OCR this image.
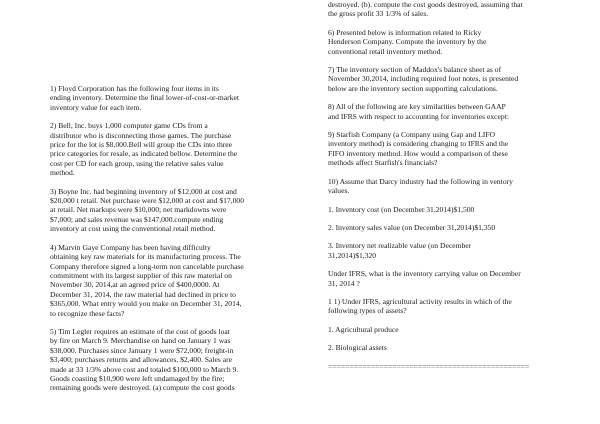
1) Floyd Corporation has the following four items in its
ending inventory. Determine the final lower-of-cost-or-market
inventory value for each item.

2) Bell, Inc. buys 1,000 computer game CDs from a
distributor who is disconnecting those games. The purchase
price for the lot is $8,000.Bell will group the CDs into three
price categories for resale, as indicated bellow. Determine the
cost per CD for each group, using the relative sales value
method.

3) Boyne Inc. had beginning inventory of $12,000 at cost and
$20,000 t retail. Net purchase were $12,000 at cost and $17,000
at retail. Net markups were $10,000; net markdowns were
$7,000; and sales revenue was $147,000.compute ending
inventory at cost using the conventional retail method.

4) Marvin Gaye Company has been having difficulty
obtaining key raw materials for its manufacturing process. The
Company therefore signed a long-term non cancelable purchase
commitment with its largest supplier of this raw material on
November 30, 2014,at an agreed price of $400,0000. At
December 31, 2014, the raw material had declined in price to
$365,000. What entry would you make on December 31, 2014,
to recognize these facts?

5) Tim Legler requires an estimate of the cost of goods loat
by fire on March 9. Merchandise on hand on January 1 was
$38,000. Purchases since January 1 were $72,000; freight-in
$3,400; purchases returns and allowances, $2,400. Sales are
made at 33 1/3% above cost and totaled $100,000 to March 9.
Goods coasting $10,900 were left undamaged by the fire;
remaining goods were destroyed. (a) compute the cost goods

destroyed. (b). compute the cost goods destroyed, assuming that
the gross profit 33 1/3% of sales.

6) Presented below is information related to Ricky
Henderson Company. Compute the inventory by the
conventional retail inventory method.

7) The inventory section of Maddox's balance sheet as of
November 30,2014, including required foot notes, is presented
below are the inventory section supporting calculations.

8) All of the following are key similarities between GAAP
and IFRS with respect to accounting for inventories except:

9) Starfish Company (a Company using Gap and LIFO
inventory method) is considering changing to IFRS and the
FIFO inventory method. How would a comparison of these
methods affect Starfish's financials?

10) Assume that Darcy industry had the following in ventory
values.

1. Inventory cost (on December 31,2014)$1,500

2. Inventory sales value (on December 31,2014)$1,350

3. Inventory net realizable value (on December
31,2014)$1,320

Under IFRS, what is the inventory carrying value on December
31, 2014 ?

1 1) Under IFRS, agricultural activity results in which of the
following types of assets?

1. Agricultural produce

2. Biological assets

===============================================
